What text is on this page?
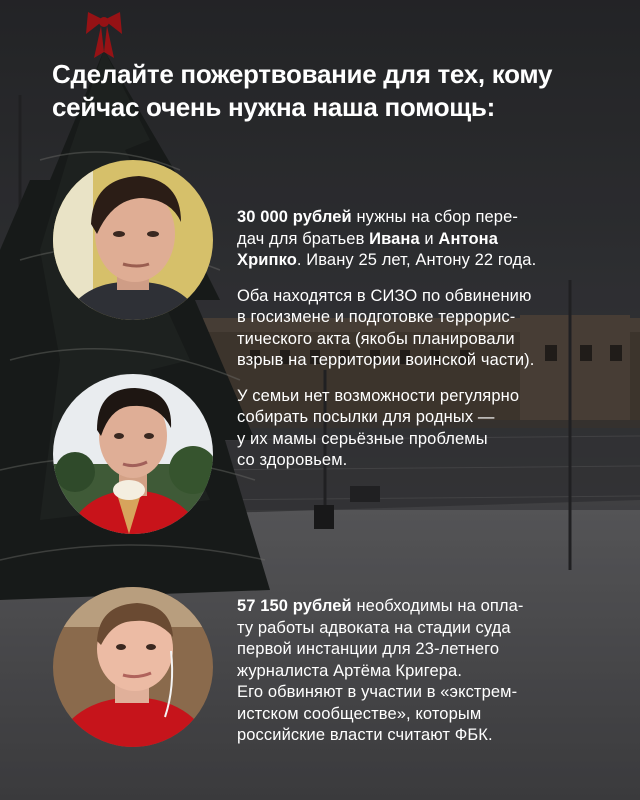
Сделайте пожертвование для тех, кому
сейчас очень нужна наша помощь:

30 000 рублей нужны на сбор пере-
дач для братьев Ивана и Антона
Хрипко. Ивану 25 лет, Антону 22 года.

Оба находятся в СИЗО по обвинению
в госизмене и подготовке террорис-
тического акта (якобы планировали
взрыв на территории воинской части).

У семьи нет возможности регулярно
собирать посылки для родных —
у их мамы серьёзные проблемы
со здоровьем.

57 150 рублей необходимы на опла-
ту работы адвоката на стадии суда
первой инстанции для 23-летнего
журналиста Артёма Кригера.
Его обвиняют в участии в «экстрем-
истском сообществе», которым
российские власти считают ФБК.
